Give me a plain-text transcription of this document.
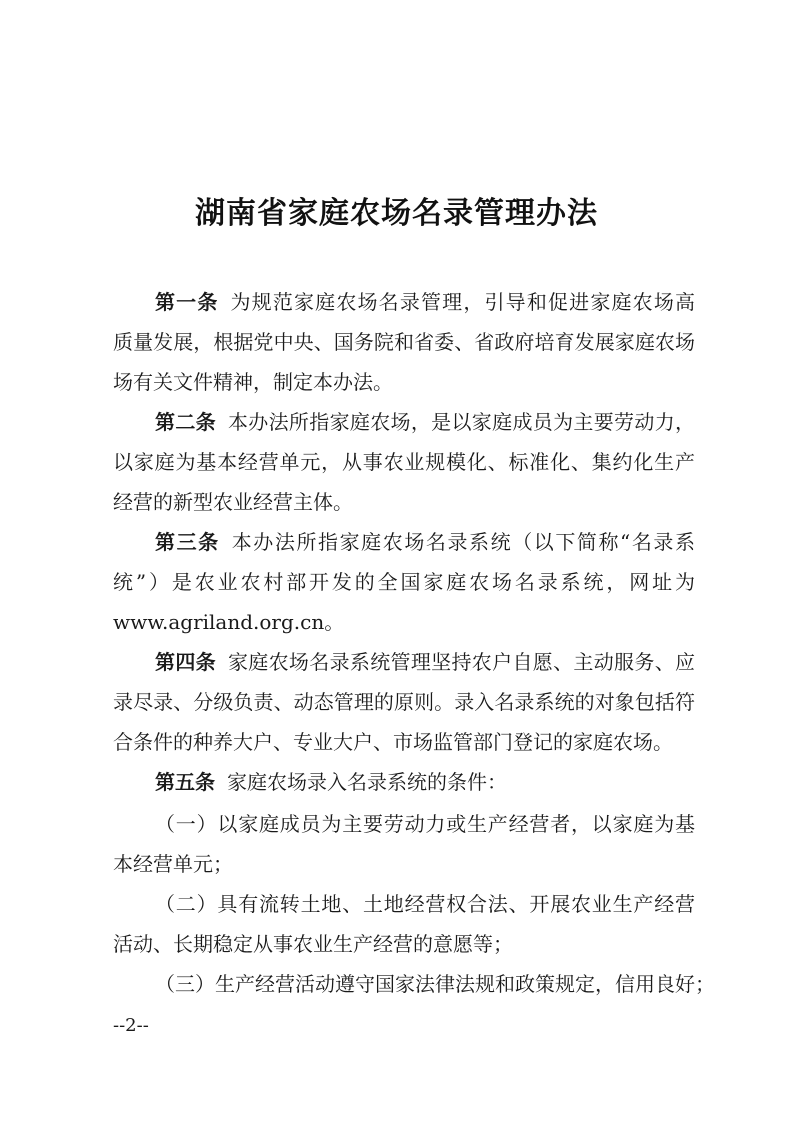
湖南省家庭农场名录管理办法
第一条 为规范家庭农场名录管理，引导和促进家庭农场高
质量发展，根据党中央、国务院和省委、省政府培育发展家庭农场
场有关文件精神，制定本办法。
第二条 本办法所指家庭农场，是以家庭成员为主要劳动力，
以家庭为基本经营单元，从事农业规模化、标准化、集约化生产
经营的新型农业经营主体。
第三条 本办法所指家庭农场名录系统（以下简称“名录系
统”）是农业农村部开发的全国家庭农场名录系统，网址为
www.agriland.org.cn。
第四条 家庭农场名录系统管理坚持农户自愿、主动服务、应
录尽录、分级负责、动态管理的原则。录入名录系统的对象包括符
合条件的种养大户、专业大户、市场监管部门登记的家庭农场。
第五条 家庭农场录入名录系统的条件：
（一）以家庭成员为主要劳动力或生产经营者，以家庭为基
本经营单元；
（二）具有流转土地、土地经营权合法、开展农业生产经营
活动、长期稳定从事农业生产经营的意愿等；
（三）生产经营活动遵守国家法律法规和政策规定，信用良好；
--2--
